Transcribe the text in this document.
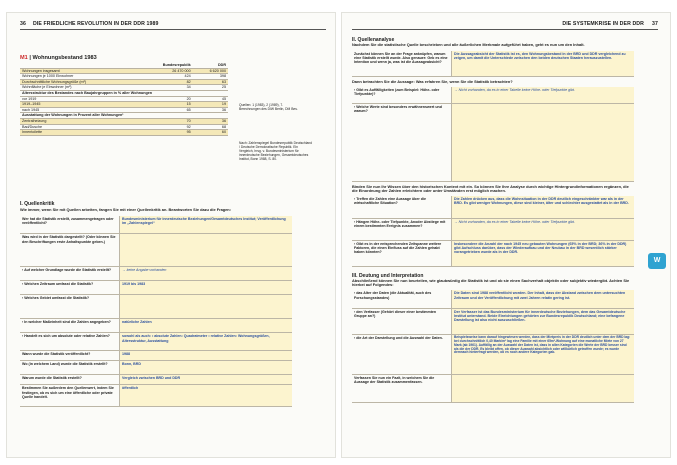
36 DIE FRIEDLICHE REVOLUTION IN DER DDR 1989
M1 | Wohnungsbestand 1983
	Bundesrepublik	DDR
Wohnungen insgesamt	26 470 000	6 620 000
Wohnungen je 1000 Einwohner	424	398
Durchschnittliche Wohnungsgröße (m²)	82	63
Wohnfläche je Einwohner (m²)	34	25
Altersstruktur des Bestandes nach Baujahrgruppen in % aller Wohnungen		
vor 1919	20	45
1919–1945	15	19
nach 1945	65	36
Ausstattung der Wohnungen in Prozent aller Wohnungen¹		
Zentralheizung	70	36
Bad/Dusche	92	68
Innentoilette	95	60
Quellen: 1 (1983), 2 (1989), 7. Berechnungen des DIW Berlin, DM Bes.
Nach: Zahlenspiegel Bundesrepublik Deutschland / Deutsche Demokratische Republik. Ein Vergleich, hrsg. v. Bundesministerium für innerdeutsche Beziehungen, Gesamtdeutsches Institut, Bonn 1988, S. 80.
I. Quellenkritik
Wie immer, wenn Sie mit Quellen arbeiten, fangen Sie mit einer Quellenkritik an. Beantworten Sie dazu die Fragen:
Wer hat die Statistik erstellt, zusammengetragen oder veröffentlicht?	Bundesministerium für innerdeutsche Beziehungen/Gesamtdeutsches Institut; Veröffentlichung im „Zahlenspiegel“
Was wird in der Statistik dargestellt? (Oder können Sie den Beschriftungen erste Anhaltspunkte geben.)	
› Auf welcher Grundlage wurde die Statistik erstellt?	→ keine Angabe vorhanden
› Welchen Zeitraum umfasst die Statistik?	1919 bis 1983
› Welches Gebiet umfasst die Statistik?	
› In welcher Maßeinheit sind die Zahlen angegeben?	natürliche Zahlen
› Handelt es sich um absolute oder relative Zahlen?	sowohl als auch: • absolute Zahlen: Quadratmeter • relative Zahlen: Wohnungsgrößen, Altersstruktur, Ausstattung
Wann wurde die Statistik veröffentlicht?	1988
Wo (in welchem Land) wurde die Statistik erstellt?	Bonn, BRD
Warum wurde die Statistik erstellt?	Vergleich zwischen BRD und DDR
Bestimmen Sie außerdem den Quellenwert, indem Sie festlegen, ob es sich um eine öffentliche oder private Quelle handelt.	öffentlich
DIE SYSTEMKRISE IN DER DDR 37
II. Quellenanalyse
Nachdem Sie die statistische Quelle beschrieben und alle äußerlichen Merkmale aufgeführt haben, geht es nun um den Inhalt.
Zunächst können Sie an der Frage anknüpfen, warum eine Statistik erstellt wurde. Also genauer: Geb es eine Intention und wenn ja, was ist die Aussageabsicht?	Die Aussageabsicht der Statistik ist es, den Wohnungsbestand in der BRD und DDR vergleichend zu zeigen, um damit die Unterschiede zwischen den beiden deutschen Staaten herauszustellen.
Dann betrachten Sie die Aussage: Was erfahren Sie, wenn Sie die Statistik betrachten?
› Gibt es Auffälligkeiten (zum Beispiel: Höhe- oder Tiefpunkte)?	→ Nicht vorhanden, da es in einer Tabelle keine Höhe- oder Tiefpunkte gibt.
› Welche Werte sind besonders erwähnenswert und warum?	
Binden Sie nun Ihr Wissen über den historischen Kontext mit ein. So können Sie Ihre Analyse durch wichtige Hintergrundinformationen ergänzen, die die Einordnung der Zahlen erleichtern oder unter Umständen erst möglich machen.
› Treffen die Zahlen eine Aussage über die wirtschaftliche Situation?	Die Zahlen drücken aus, dass die Wohnsituation in der DDR deutlich eingeschränkter war als in der BRD. Es gibt weniger Wohnungen, diese sind kleiner, älter und schlechter ausgestattet als in der BRD.
› Hängen Höhe- oder Tiefpunkte, Anoder Abstiege mit einem bestimmten Ereignis zusammen?	→ Nicht vorhanden, da es in einer Tabelle keine Höhe- oder Tiefpunkte gibt.
› Gibt es in der entsprechenden Zeitspanne weitere Faktoren, die einen Einfluss auf die Zahlen gehabt haben könnten?	Insbesondere die Anzahl der nach 1945 neu gebauten Wohnungen (65% in der BRD; 36% in der DDR) gibt Aufschluss darüber, dass der Wiederaufbau und der Neubau in der BRD wesentlich stärker vorangetrieben wurde als in der DDR.
III. Deutung und Interpretation
Abschließend können Sie nun beurteilen, wie glaubwürdig die Statistik ist und ob sie einen Sachverhalt objektiv oder subjektiv wiedergibt. Achten Sie hierbei auf Folgendes:
› das Alter der Daten (die Aktualität, auch des Forschungsstandes)	Die Daten sind 1988 veröffentlicht worden. Der Inhalt, dass der Abstand zwischen dem untersuchten Zeitraum und der Veröffentlichung mit zwei Jahren relativ gering ist.
› den Verfasser (Gehört dieser einer bestimmten Gruppe an?)	Der Verfasser ist das Bundesministerium für innerdeutsche Beziehungen, dem das Gesamtdeutsche Institut unterstand. Beide Einrichtungen gehörten zur Bundesrepublik Deutschland; eine befangene Darstellung ist also nicht auszuschließen.
› die Art der Darstellung und die Auswahl der Daten.	Beispielsweise kann darauf hingewiesen werden, dass der Mietpreis in der DDR deutlich unter dem der BRD lag: bei durchschnittlich 0,40 Mark/m² lag eine Familie mit einer 65m²-Wohnung auf eine monatliche Miete von 27 Mark (ab 1961). Auffällig an der Auswahl der Daten ist, dass in allen Kategorien die Werte der BRD besser sind als die der DDR. Es bleibt offen, ob dieser Auswahl absichtlich oder willkürlich getroffen wurde; es wurde demnach hinterfragt werden, ob es noch andere Kategorien gab.
Verfassen Sie nun ein Fazit, in welchem Sie die Aussage der Statistik zusammenfassen.	
W
